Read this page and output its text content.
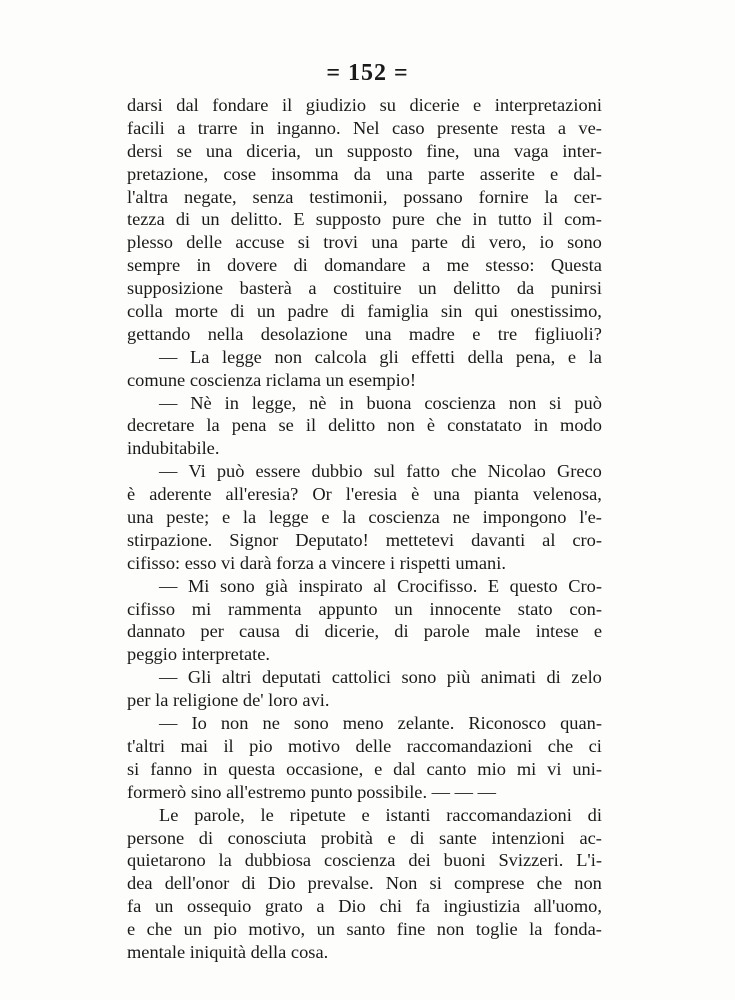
= 152 =
darsi dal fondare il giudizio su dicerie e interpretazioni
facili a trarre in inganno. Nel caso presente resta a ve-
dersi se una diceria, un supposto fine, una vaga inter-
pretazione, cose insomma da una parte asserite e dal-
l'altra negate, senza testimonii, possano fornire la cer-
tezza di un delitto. E supposto pure che in tutto il com-
plesso delle accuse si trovi una parte di vero, io sono
sempre in dovere di domandare a me stesso: Questa
supposizione basterà a costituire un delitto da punirsi
colla morte di un padre di famiglia sin qui onestissimo,
gettando nella desolazione una madre e tre figliuoli?
— La legge non calcola gli effetti della pena, e la
comune coscienza riclama un esempio!
— Nè in legge, nè in buona coscienza non si può
decretare la pena se il delitto non è constatato in modo
indubitabile.
— Vi può essere dubbio sul fatto che Nicolao Greco
è aderente all'eresia? Or l'eresia è una pianta velenosa,
una peste; e la legge e la coscienza ne impongono l'e-
stirpazione. Signor Deputato! mettetevi davanti al cro-
cifisso: esso vi darà forza a vincere i rispetti umani.
— Mi sono già inspirato al Crocifisso. E questo Cro-
cifisso mi rammenta appunto un innocente stato con-
dannato per causa di dicerie, di parole male intese e
peggio interpretate.
— Gli altri deputati cattolici sono più animati di zelo
per la religione de' loro avi.
— Io non ne sono meno zelante. Riconosco quan-
t'altri mai il pio motivo delle raccomandazioni che ci
si fanno in questa occasione, e dal canto mio mi vi uni-
formerò sino all'estremo punto possibile. — — —
Le parole, le ripetute e istanti raccomandazioni di
persone di conosciuta probità e di sante intenzioni ac-
quietarono la dubbiosa coscienza dei buoni Svizzeri. L'i-
dea dell'onor di Dio prevalse. Non si comprese che non
fa un ossequio grato a Dio chi fa ingiustizia all'uomo,
e che un pio motivo, un santo fine non toglie la fonda-
mentale iniquità della cosa.
